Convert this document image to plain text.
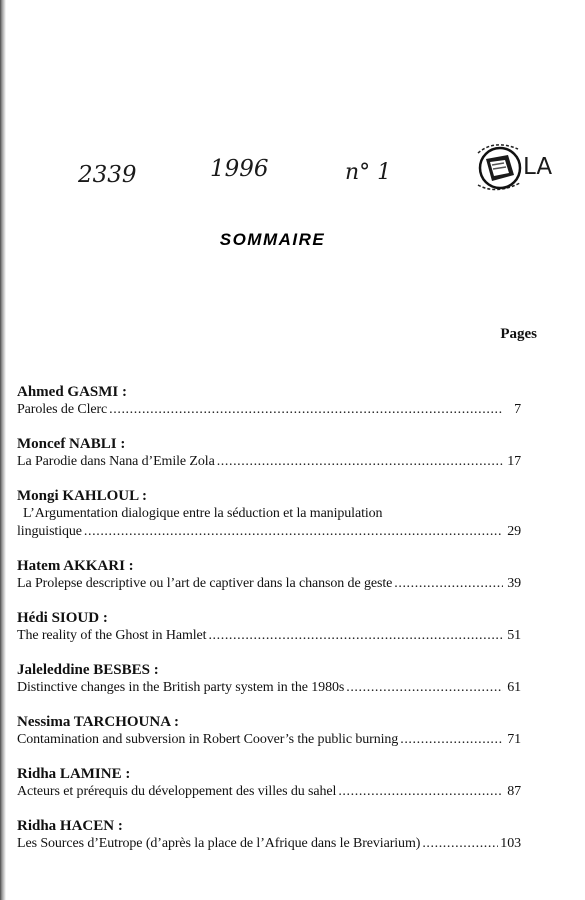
2339	1996	n° 1	LA
SOMMAIRE
Pages
Ahmed GASMI :
Paroles de Clerc .....	7
Moncef NABLI :
La Parodie dans Nana d’Emile Zola .....	17
Mongi KAHLOUL :
L’Argumentation dialogique entre la séduction et la manipulation
linguistique .....	29
Hatem AKKARI :
La Prolepse descriptive ou l’art de captiver dans la chanson de geste .....	39
Hédi SIOUD :
The reality of the Ghost in Hamlet .....	51
Jaleleddine BESBES :
Distinctive changes in the British party system in the 1980s .....	61
Nessima TARCHOUNA :
Contamination and subversion in Robert Coover’s the public burning .....	71
Ridha LAMINE :
Acteurs et prérequis du développement des villes du sahel .....	87
Ridha HACEN :
Les Sources d’Eutrope (d’après la place de l’Afrique dans le Breviarium) .....	103
